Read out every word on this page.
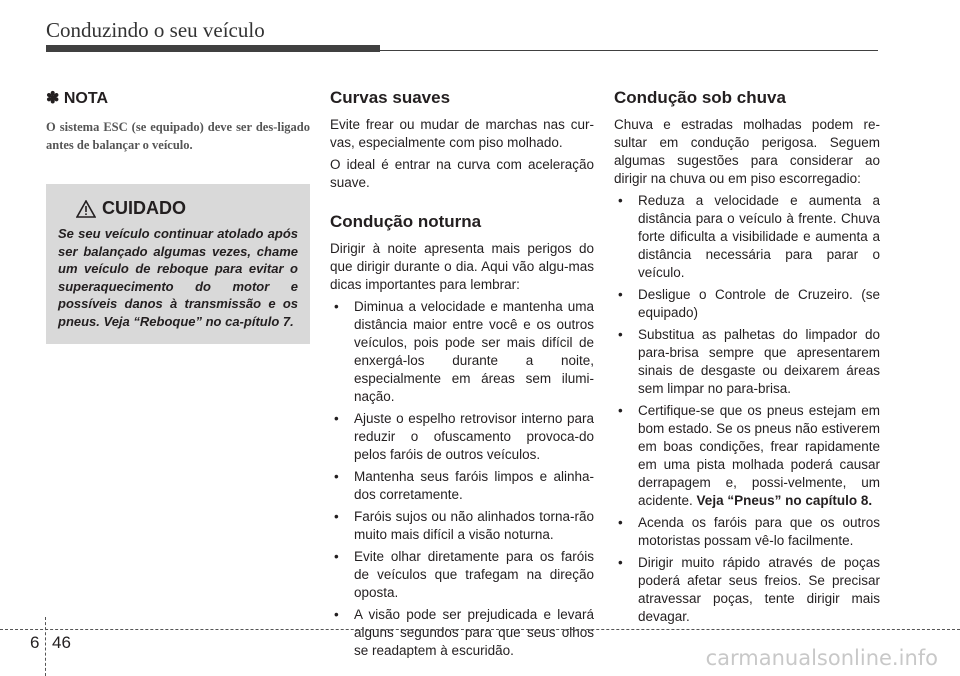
Conduzindo o seu veículo
✽ NOTA

O sistema ESC (se equipado) deve ser des-ligado antes de balançar o veículo.

CUIDADO

Se seu veículo continuar atolado após ser balançado algumas vezes, chame um veículo de reboque para evitar o superaquecimento do motor e possíveis danos à transmissão e os pneus. Veja “Reboque” no ca-pítulo 7.

Curvas suaves

Evite frear ou mudar de marchas nas cur-vas, especialmente com piso molhado.

O ideal é entrar na curva com aceleração suave.

Condução noturna

Dirigir à noite apresenta mais perigos do que dirigir durante o dia. Aqui vão algu-mas dicas importantes para lembrar:

• Diminua a velocidade e mantenha uma distância maior entre você e os outros veículos, pois pode ser mais difícil de enxergá-los durante a noite, especialmente em áreas sem ilumi-nação.
• Ajuste o espelho retrovisor interno para reduzir o ofuscamento provoca-do pelos faróis de outros veículos.
• Mantenha seus faróis limpos e alinha-dos corretamente.
• Faróis sujos ou não alinhados torna-rão muito mais difícil a visão noturna.
• Evite olhar diretamente para os faróis de veículos que trafegam na direção oposta.
• A visão pode ser prejudicada e levará alguns segundos para que seus olhos se readaptem à escuridão.
Condução sob chuva

Chuva e estradas molhadas podem re-sultar em condução perigosa. Seguem algumas sugestões para considerar ao dirigir na chuva ou em piso escorregadio:

• Reduza a velocidade e aumenta a distância para o veículo à frente. Chuva forte dificulta a visibilidade e aumenta a distância necessária para parar o veículo.
• Desligue o Controle de Cruzeiro. (se equipado)
• Substitua as palhetas do limpador do para-brisa sempre que apresentarem sinais de desgaste ou deixarem áreas sem limpar no para-brisa.
• Certifique-se que os pneus estejam em bom estado. Se os pneus não estiverem em boas condições, frear rapidamente em uma pista molhada poderá causar derrapagem e, possi-velmente, um acidente. Veja “Pneus” no capítulo 8.
• Acenda os faróis para que os outros motoristas possam vê-lo facilmente.
• Dirigir muito rápido através de poças poderá afetar seus freios. Se precisar atravessar poças, tente dirigir mais devagar.
6 46
carmanualsonline.info
